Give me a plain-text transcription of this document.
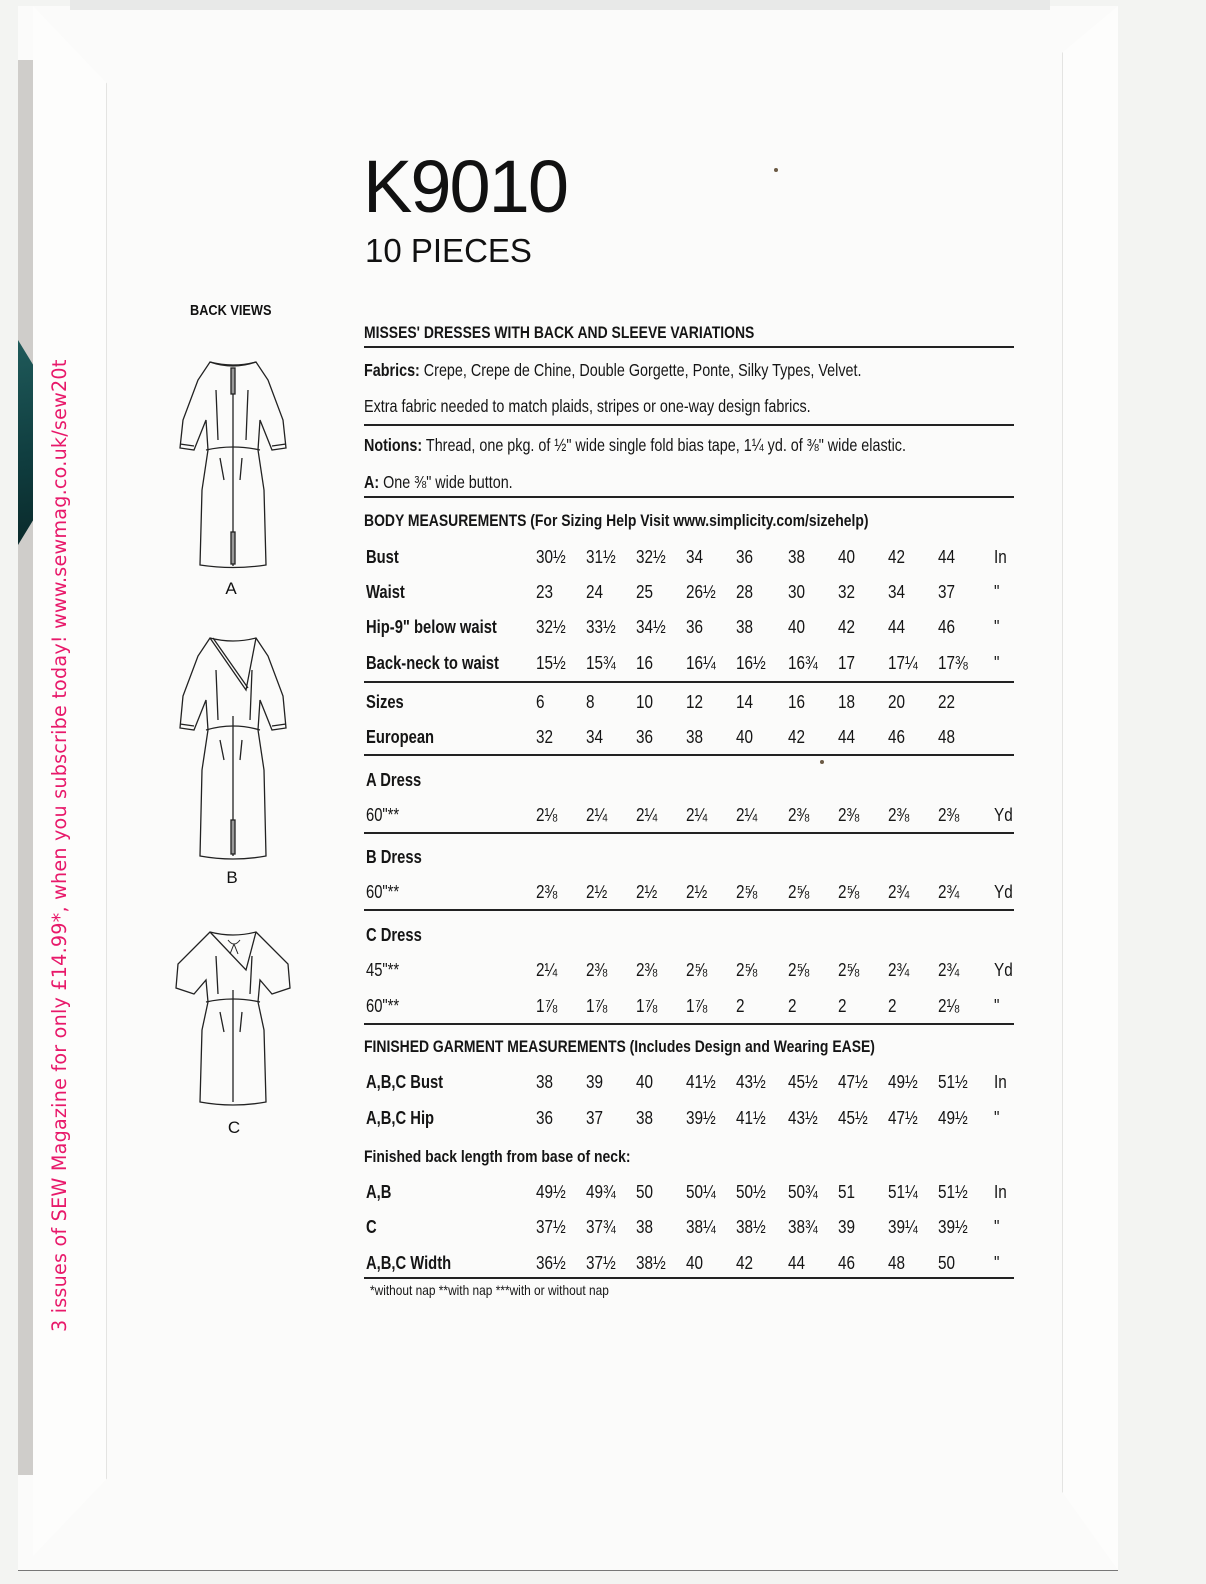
3 issues of SEW Magazine for only £14.99*, when you subscribe today! www.sewmag.co.uk/sew20t
K9010
10 PIECES
BACK VIEWS
A
B
C
MISSES' DRESSES WITH BACK AND SLEEVE VARIATIONS
Fabrics: Crepe, Crepe de Chine, Double Gorgette, Ponte, Silky Types, Velvet.
Extra fabric needed to match plaids, stripes or one-way design fabrics.
Notions: Thread, one pkg. of ½" wide single fold bias tape, 1¼ yd. of ⅜" wide elastic.
A: One ⅜" wide button.
BODY MEASUREMENTS (For Sizing Help Visit www.simplicity.com/sizehelp)
Bust	30½ 31½ 32½ 34 36 38 40 42 44 In
Waist	23 24 25 26½ 28 30 32 34 37 "
Hip-9" below waist 32½ 33½ 34½ 36 38 40 42 44 46 "
Back-neck to waist 15½ 15¾ 16 16¼ 16½ 16¾ 17 17¼ 17⅜ "
Sizes	6 8 10 12 14 16 18 20 22
European	32 34 36 38 40 42 44 46 48
A Dress
60"**	2⅛ 2¼ 2¼ 2¼ 2¼ 2⅜ 2⅜ 2⅜ 2⅜ Yd
B Dress
60"**	2⅜ 2½ 2½ 2½ 2⅝ 2⅝ 2⅝ 2¾ 2¾ Yd
C Dress
45"**	2¼ 2⅜ 2⅜ 2⅝ 2⅝ 2⅝ 2⅝ 2¾ 2¾ Yd
60"**	1⅞ 1⅞ 1⅞ 1⅞ 2 2 2 2 2⅛ "
FINISHED GARMENT MEASUREMENTS (Includes Design and Wearing EASE)
A,B,C Bust	38 39 40 41½ 43½ 45½ 47½ 49½ 51½ In
A,B,C Hip	36 37 38 39½ 41½ 43½ 45½ 47½ 49½ "
Finished back length from base of neck:
A,B	49½ 49¾ 50 50¼ 50½ 50¾ 51 51¼ 51½ In
C	37½ 37¾ 38 38¼ 38½ 38¾ 39 39¼ 39½ "
A,B,C Width	36½ 37½ 38½ 40 42 44 46 48 50 "
*without nap **with nap ***with or without nap
